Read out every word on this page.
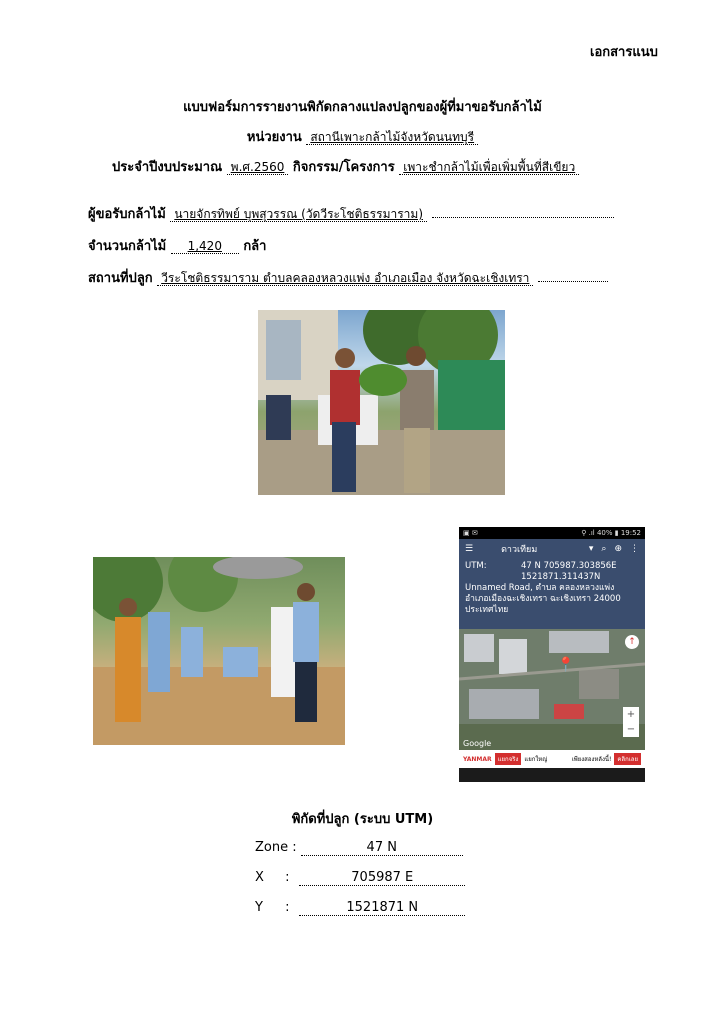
เอกสารแนบ
แบบฟอร์มการรายงานพิกัดกลางแปลงปลูกของผู้ที่มาขอรับกล้าไม้
หน่วยงาน สถานีเพาะกล้าไม้จังหวัดนนทบุรี
ประจำปีงบประมาณ พ.ศ.2560 กิจกรรม/โครงการ เพาะชำกล้าไม้เพื่อเพิ่มพื้นที่สีเขียว
ผู้ขอรับกล้าไม้ นายจักรทิพย์ บุพสุวรรณ (วัดวีระโชติธรรมาราม)
จำนวนกล้าไม้ 1,420 กล้า
สถานที่ปลูก วีระโชติธรรมาราม ตำบลคลองหลวงแพ่ง อำเภอเมือง จังหวัดฉะเชิงเทรา
▣ ✉	⚲ .ıl 40% ▮ 19:52
☰	ดาวเทียม	▾ ⌕ ⊕ ⋮
UTM:	47 N 705987.303856E
1521871.311437N
Unnamed Road, ตำบล คลองหลวงแพ่ง อำเภอเมืองฉะเชิงเทรา ฉะเชิงเทรา 24000 ประเทศไทย
📍
↑
+
−
Google
YANMAR	แยกจริง	แยกใหญ่	เพียงสองหลังนี้!	คลิกเลย
พิกัดที่ปลูก (ระบบ UTM)
Zone :	47 N
X :	705987 E
Y :	1521871 N
